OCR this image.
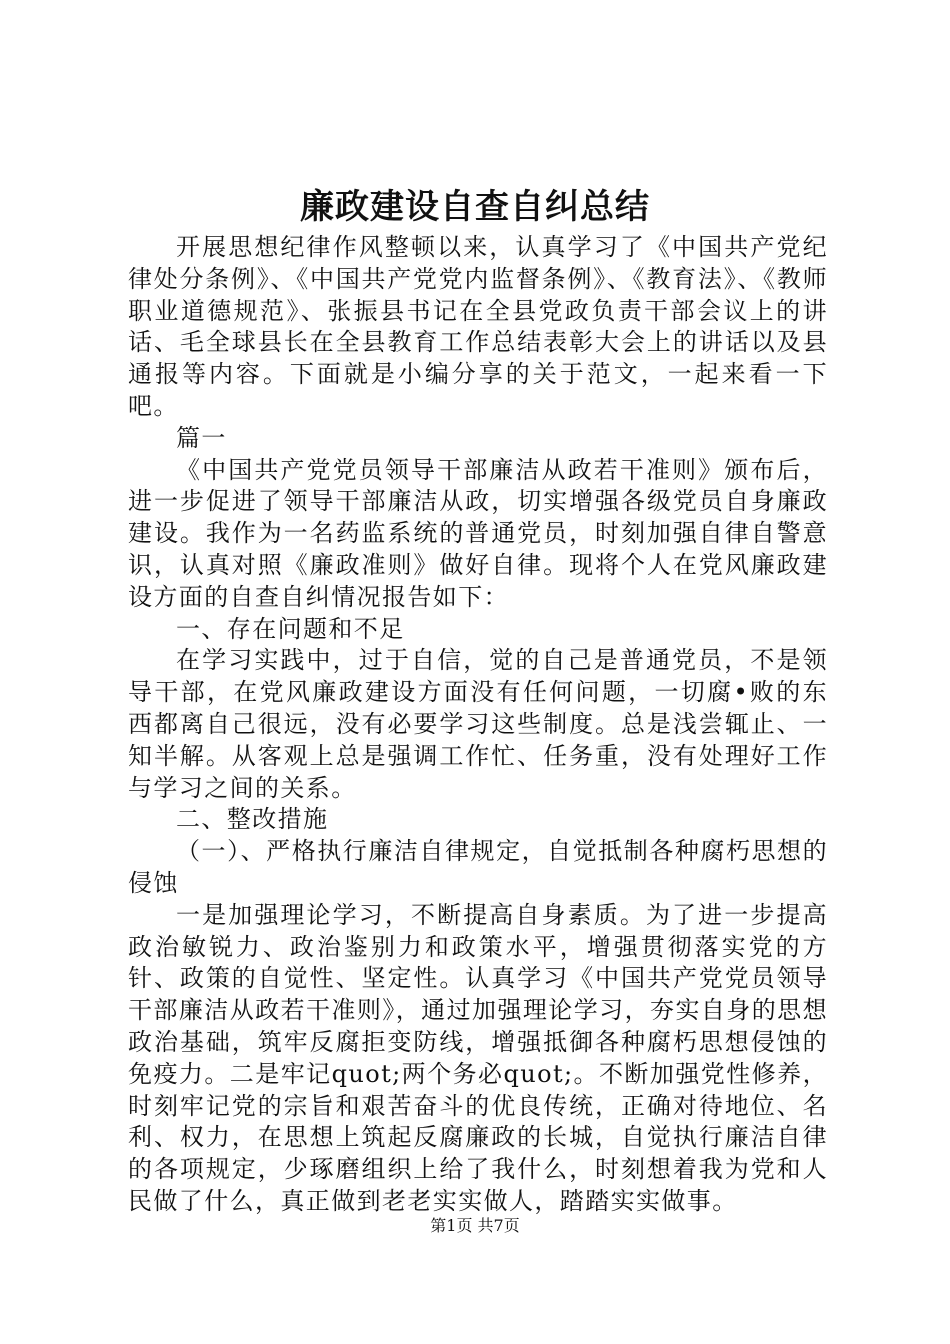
廉政建设自查自纠总结

开展思想纪律作风整顿以来，认真学习了《中国共产党纪律处分条例》、《中国共产党党内监督条例》、《教育法》、《教师职业道德规范》、张振县书记在全县党政负责干部会议上的讲话、毛全球县长在全县教育工作总结表彰大会上的讲话以及县通报等内容。下面就是小编分享的关于范文，一起来看一下吧。

篇一

《中国共产党党员领导干部廉洁从政若干准则》颁布后，进一步促进了领导干部廉洁从政，切实增强各级党员自身廉政建设。我作为一名药监系统的普通党员，时刻加强自律自警意识，认真对照《廉政准则》做好自律。现将个人在党风廉政建设方面的自查自纠情况报告如下：

一、存在问题和不足

在学习实践中，过于自信，觉的自己是普通党员，不是领导干部，在党风廉政建设方面没有任何问题，一切腐•败的东西都离自己很远，没有必要学习这些制度。总是浅尝辄止、一知半解。从客观上总是强调工作忙、任务重，没有处理好工作与学习之间的关系。

二、整改措施

（一）、严格执行廉洁自律规定，自觉抵制各种腐朽思想的侵蚀

一是加强理论学习，不断提高自身素质。为了进一步提高政治敏锐力、政治鉴别力和政策水平，增强贯彻落实党的方针、政策的自觉性、坚定性。认真学习《中国共产党党员领导干部廉洁从政若干准则》，通过加强理论学习，夯实自身的思想政治基础，筑牢反腐拒变防线，增强抵御各种腐朽思想侵蚀的免疫力。二是牢记quot;两个务必quot;。不断加强党性修养，时刻牢记党的宗旨和艰苦奋斗的优良传统，正确对待地位、名利、权力，在思想上筑起反腐廉政的长城，自觉执行廉洁自律的各项规定，少琢磨组织上给了我什么，时刻想着我为党和人民做了什么，真正做到老老实实做人，踏踏实实做事。

第1页 共7页
